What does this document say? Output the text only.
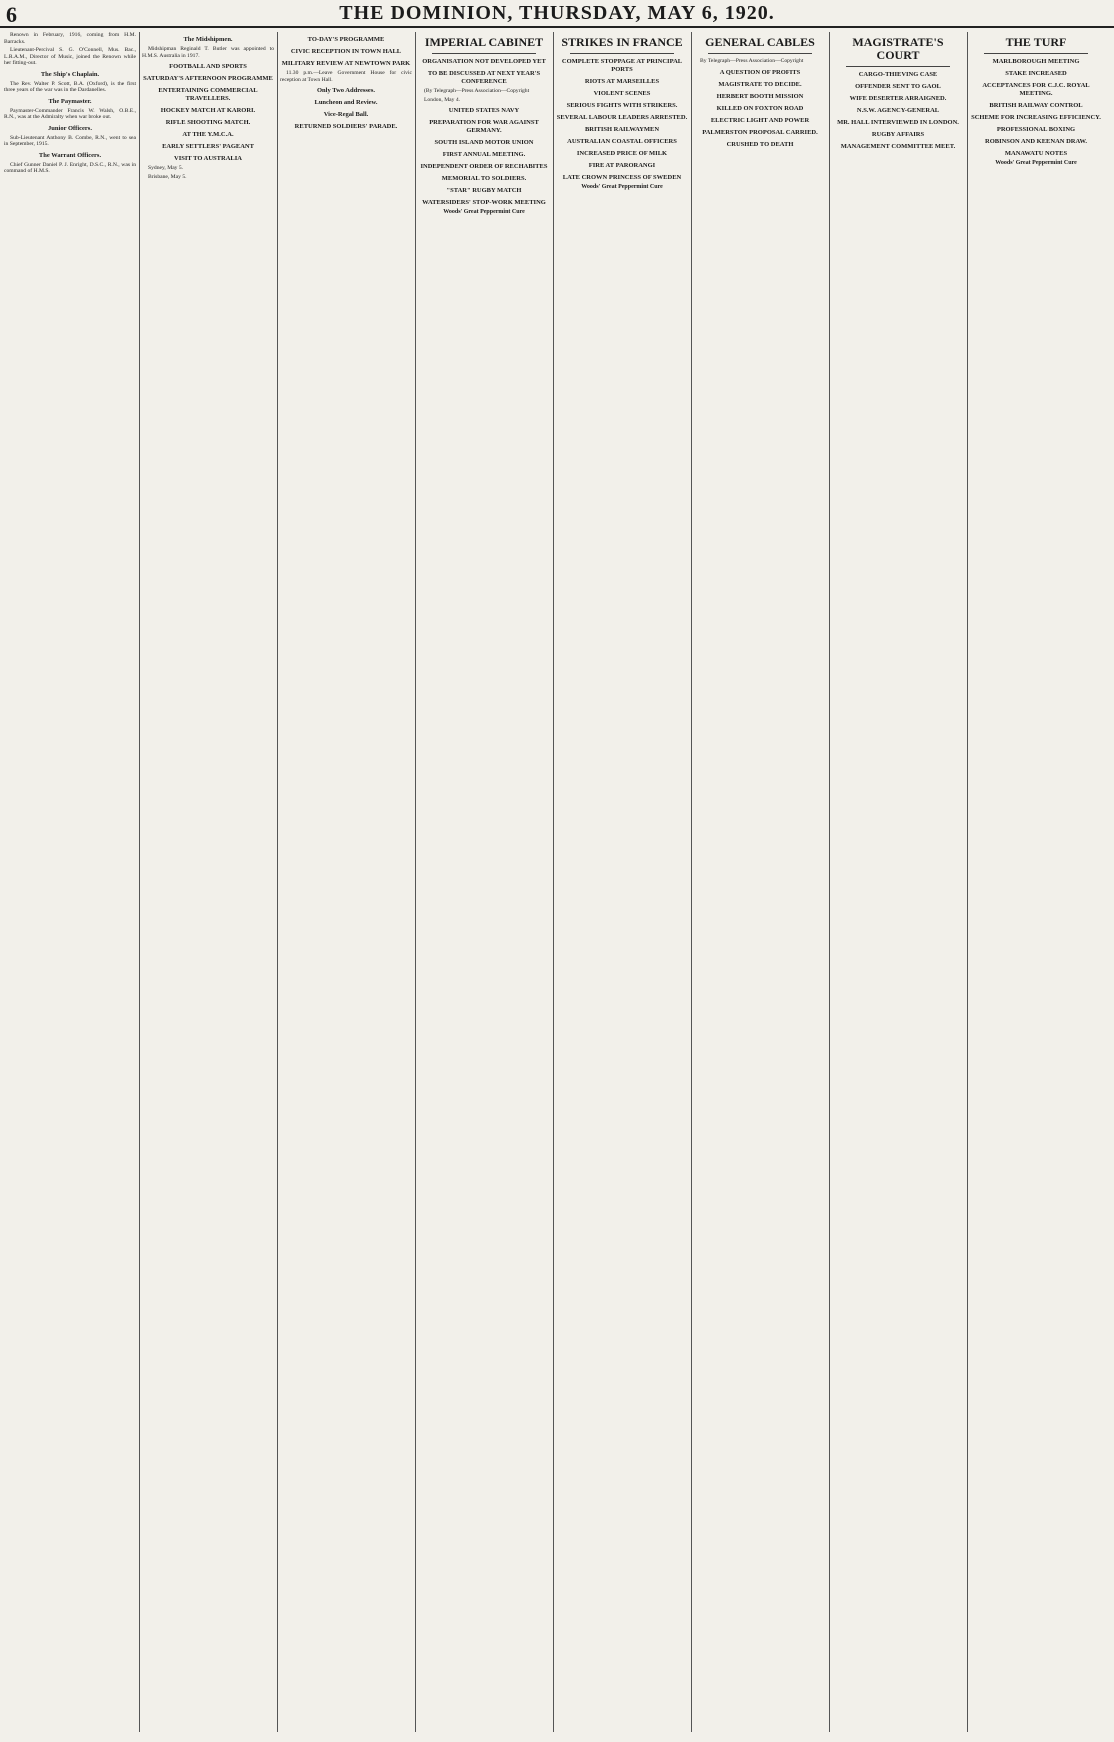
6	THE DOMINION, THURSDAY, MAY 6, 1920.
Renown in February, 1916, coming from H.M. Barracks.
Lieutenant-Percival S. G. O'Connell, Mus. Bac., L.R.A.M., Director of Music, joined the Renown while her fitting-out.
The Ship's Chaplain.
The Rev. Walter P. Scott, B.A. (Oxford), is the first three years of the war was in the Dardanelles.
The Paymaster.
Paymaster-Commander Francis W. Walsh, O.B.E., R.N., was at the Admiralty when war broke out.
Junior Officers.
Sub-Lieutenant Anthony B. Combe, R.N., went to sea in September, 1915.
The Warrant Officers.
Chief Gunner Daniel P. J. Enright, D.S.C., R.N., was in command of H.M.S.
The Midshipmen.
Midshipman Reginald T. Butler was appointed to H.M.S. Australia in 1917.
FOOTBALL AND SPORTS
SATURDAY'S AFTERNOON PROGRAMME
ENTERTAINING COMMERCIAL TRAVELLERS.
HOCKEY MATCH AT KARORI.
RIFLE SHOOTING MATCH.
AT THE Y.M.C.A.
EARLY SETTLERS' PAGEANT
VISIT TO AUSTRALIA
Sydney, May 5.
Brisbane, May 5.
TO-DAY'S PROGRAMME
CIVIC RECEPTION IN TOWN HALL
MILITARY REVIEW AT NEWTOWN PARK
11.30 p.m.—Leave Government House for civic reception at Town Hall.
Only Two Addresses.
Luncheon and Review.
Vice-Regal Ball.
RETURNED SOLDIERS' PARADE.
IMPERIAL CABINET
ORGANISATION NOT DEVELOPED YET
TO BE DISCUSSED AT NEXT YEAR'S CONFERENCE
(By Telegraph—Press Association—Copyright
London, May 4.
UNITED STATES NAVY
PREPARATION FOR WAR AGAINST GERMANY.
SOUTH ISLAND MOTOR UNION
FIRST ANNUAL MEETING.
INDEPENDENT ORDER OF RECHABITES
MEMORIAL TO SOLDIERS.
"STAR" RUGBY MATCH
WATERSIDERS' STOP-WORK MEETING
Woods' Great Peppermint Cure
STRIKES IN FRANCE
COMPLETE STOPPAGE AT PRINCIPAL PORTS
RIOTS AT MARSEILLES
VIOLENT SCENES
SERIOUS FIGHTS WITH STRIKERS.
SEVERAL LABOUR LEADERS ARRESTED.
BRITISH RAILWAYMEN
AUSTRALIAN COASTAL OFFICERS
INCREASED PRICE OF MILK
FIRE AT PARORANGI
LATE CROWN PRINCESS OF SWEDEN
Woods' Great Peppermint Cure
GENERAL CABLES
By Telegraph—Press Association—Copyright
A QUESTION OF PROFITS
MAGISTRATE TO DECIDE.
HERBERT BOOTH MISSION
KILLED ON FOXTON ROAD
ELECTRIC LIGHT AND POWER
PALMERSTON PROPOSAL CARRIED.
CRUSHED TO DEATH
MAGISTRATE'S COURT
CARGO-THIEVING CASE
OFFENDER SENT TO GAOL
WIFE DESERTER ARRAIGNED.
N.S.W. AGENCY-GENERAL
MR. HALL INTERVIEWED IN LONDON.
RUGBY AFFAIRS
MANAGEMENT COMMITTEE MEET.
THE TURF
MARLBOROUGH MEETING
STAKE INCREASED
ACCEPTANCES FOR C.J.C. ROYAL MEETING.
BRITISH RAILWAY CONTROL
SCHEME FOR INCREASING EFFICIENCY.
PROFESSIONAL BOXING
ROBINSON AND KEENAN DRAW.
MANAWATU NOTES
Woods' Great Peppermint Cure
